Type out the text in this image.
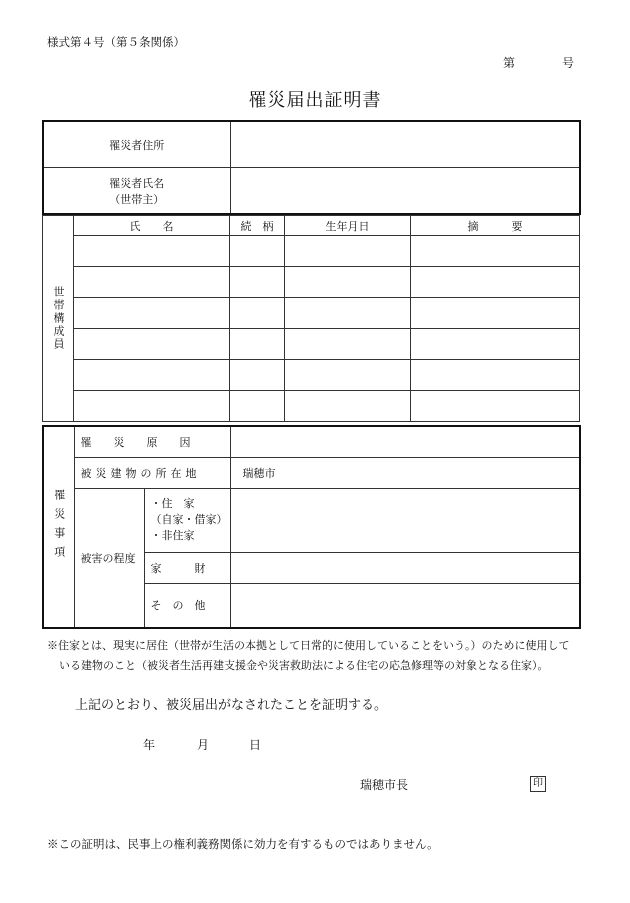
様式第４号（第５条関係）
第	号
罹災届出証明書
罹災者住所	

罹災者氏名
（世帯主）	

世帯構成員	氏　　名	続　柄	生年月日	摘　　　要

罹災事項	罹　　災　　原　　因		
	被災建物の所在地		瑞穂市
	被害の程度	・住　家
（自家・借家）
・非住家	

		家　　　財	
		そ　の　他	
※住家とは、現実に居住（世帯が生活の本拠として日常的に使用していることをいう。）のために使用して
いる建物のこと（被災者生活再建支援金や災害救助法による住宅の応急修理等の対象となる住家）。
上記のとおり、被災届出がなされたことを証明する。
年	月	日
瑞穂市長	印
※この証明は、民事上の権利義務関係に効力を有するものではありません。
